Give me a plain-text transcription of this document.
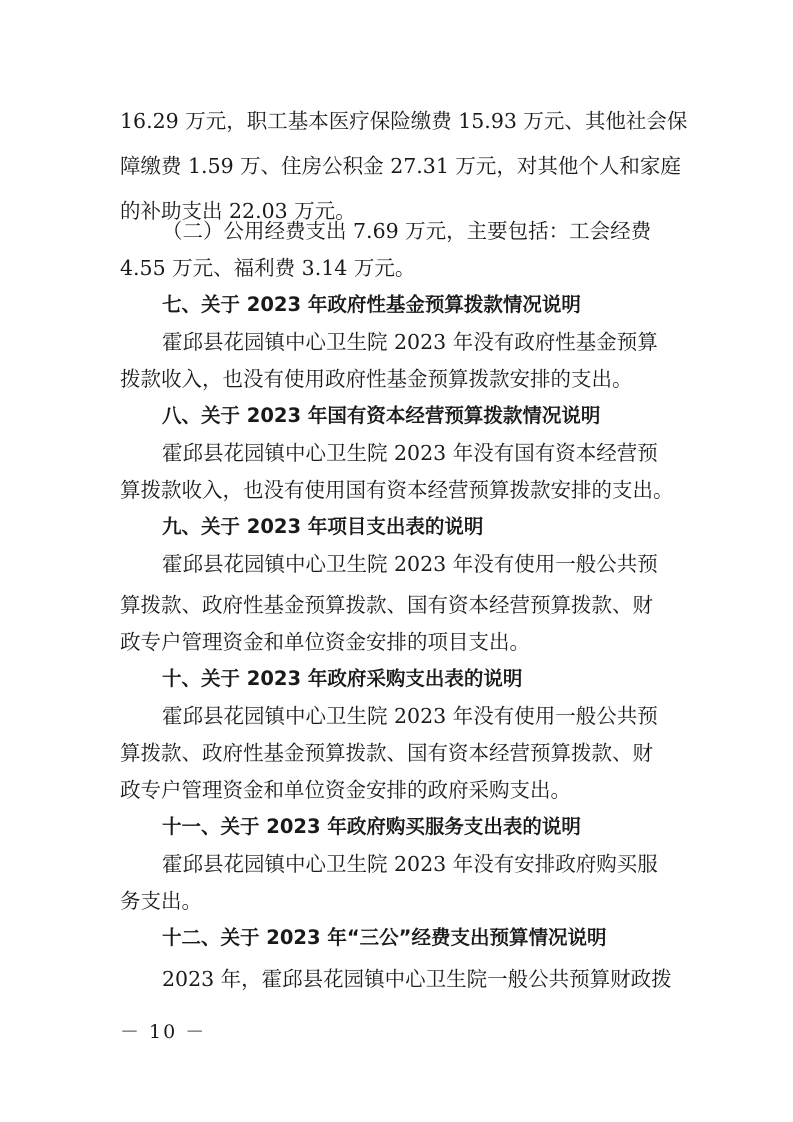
16.29 万元，职工基本医疗保险缴费 15.93 万元、其他社会保
障缴费 1.59 万、住房公积金 27.31 万元，对其他个人和家庭
的补助支出 22.03 万元。
（二）公用经费支出 7.69 万元，主要包括：工会经费
4.55 万元、福利费 3.14 万元。
七、关于 2023 年政府性基金预算拨款情况说明
霍邱县花园镇中心卫生院 2023 年没有政府性基金预算
拨款收入，也没有使用政府性基金预算拨款安排的支出。
八、关于 2023 年国有资本经营预算拨款情况说明
霍邱县花园镇中心卫生院 2023 年没有国有资本经营预
算拨款收入，也没有使用国有资本经营预算拨款安排的支出。
九、关于 2023 年项目支出表的说明
霍邱县花园镇中心卫生院 2023 年没有使用一般公共预
算拨款、政府性基金预算拨款、国有资本经营预算拨款、财
政专户管理资金和单位资金安排的项目支出。
十、关于 2023 年政府采购支出表的说明
霍邱县花园镇中心卫生院 2023 年没有使用一般公共预
算拨款、政府性基金预算拨款、国有资本经营预算拨款、财
政专户管理资金和单位资金安排的政府采购支出。
十一、关于 2023 年政府购买服务支出表的说明
霍邱县花园镇中心卫生院 2023 年没有安排政府购买服
务支出。
十二、关于 2023 年“三公”经费支出预算情况说明
2023 年，霍邱县花园镇中心卫生院一般公共预算财政拨
－ 10 －
